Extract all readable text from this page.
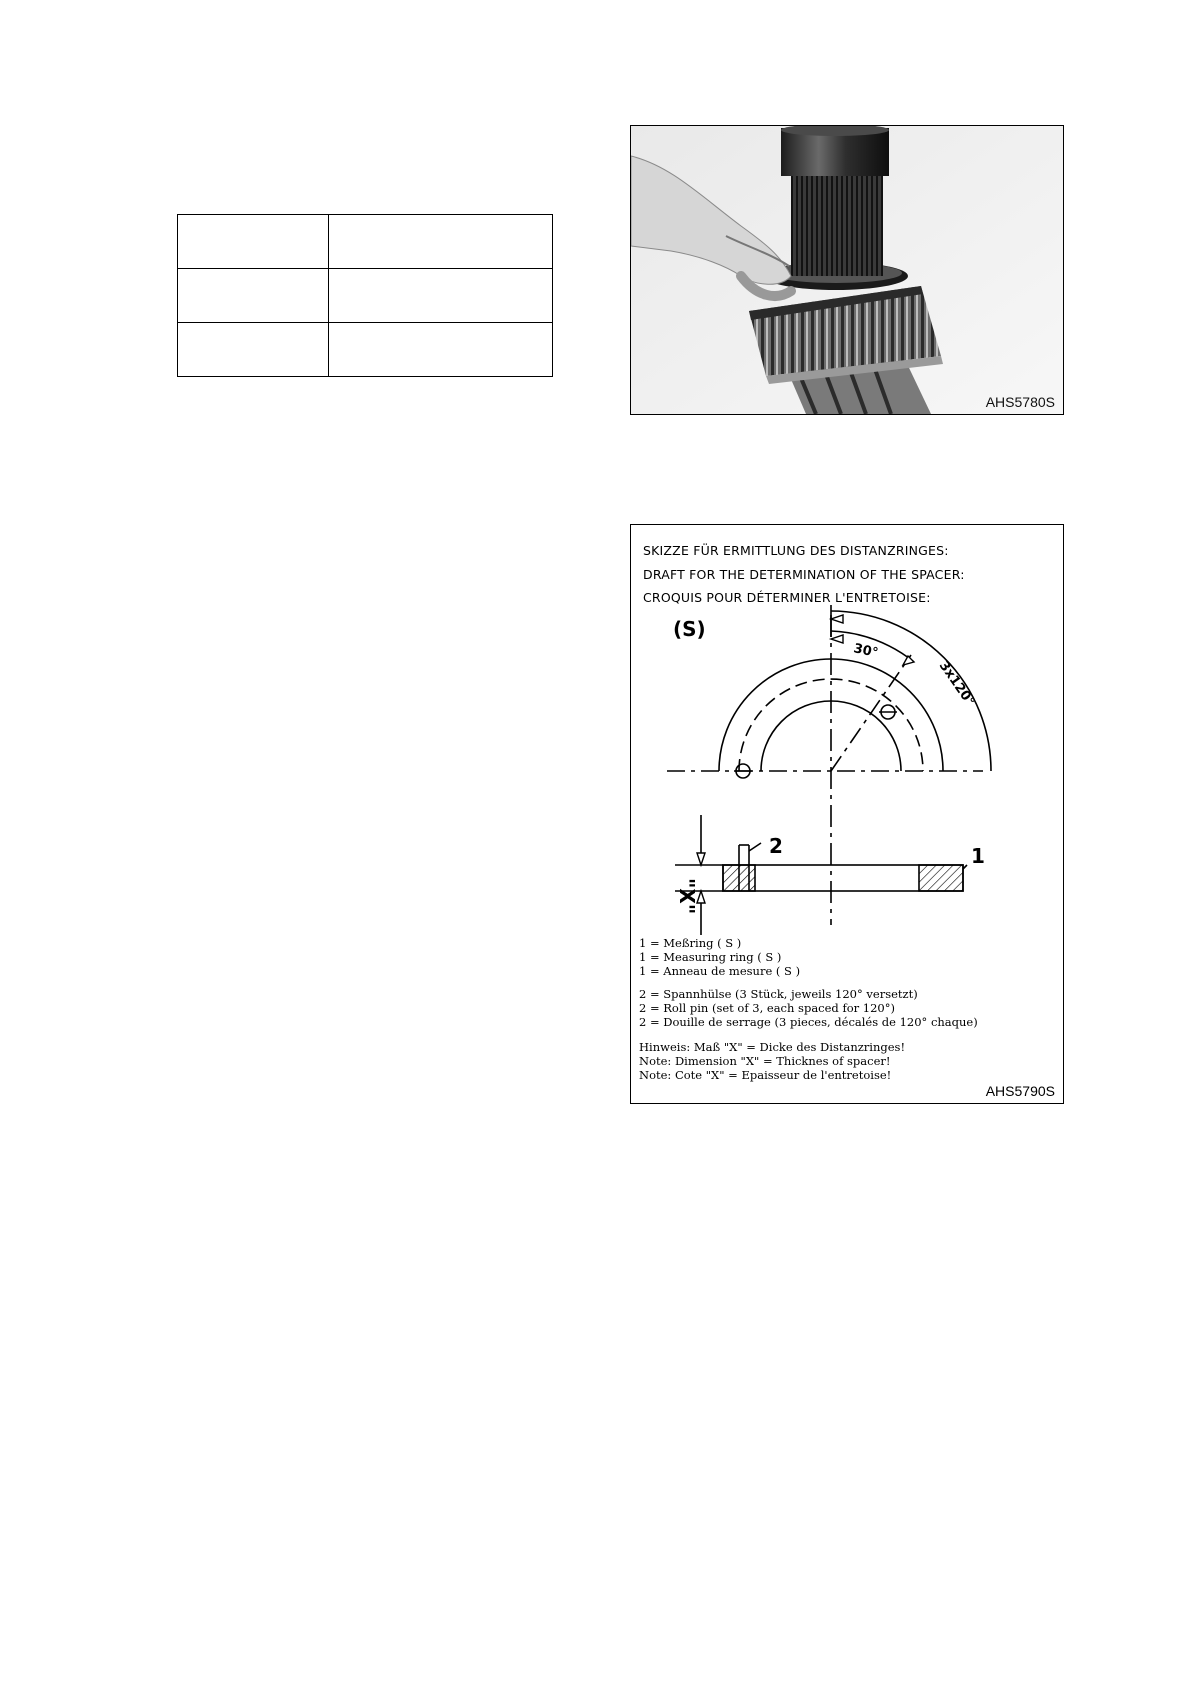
AHS5780S
SKIZZE FÜR ERMITTLUNG DES DISTANZRINGES:
DRAFT FOR THE DETERMINATION OF THE SPACER:
CROQUIS POUR DÉTERMINER L'ENTRETOISE:
(S)
30°
3x120°
2	1
"X"
1 = Meßring ( S )
1 = Measuring ring ( S )
1 = Anneau de mesure ( S )
2 = Spannhülse (3 Stück, jeweils 120° versetzt)
2 = Roll pin (set of 3, each spaced for 120°)
2 = Douille de serrage (3 pieces, décalés de 120° chaque)
Hinweis: Maß "X" = Dicke des Distanzringes!
Note: Dimension "X" = Thicknes of spacer!
Note: Cote "X" = Epaisseur de l'entretoise!
AHS5790S
